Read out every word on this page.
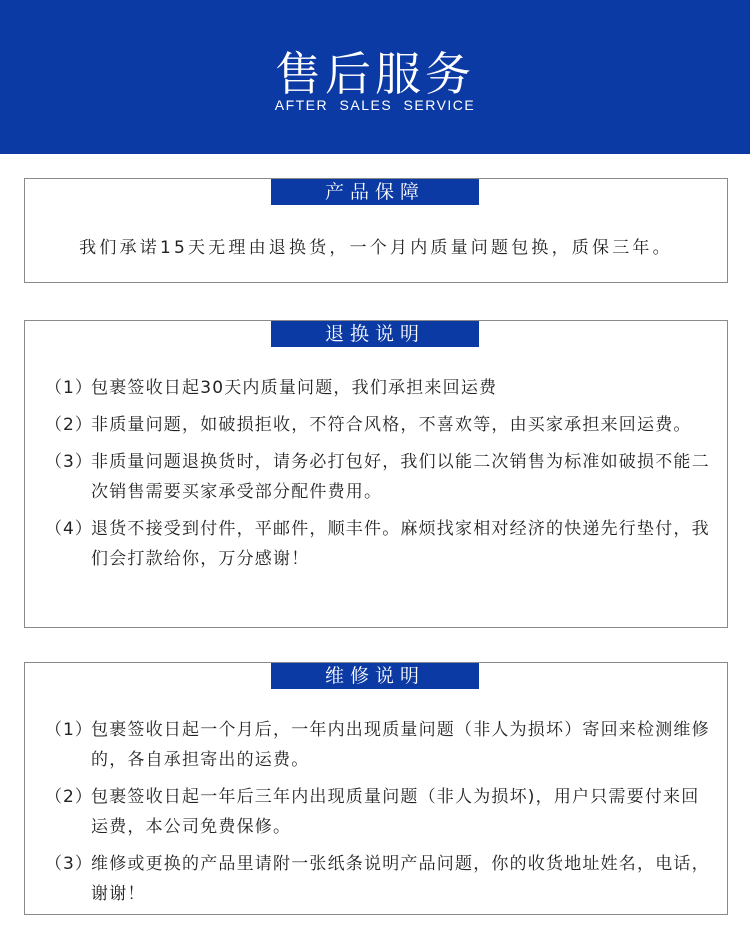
售后服务
AFTER SALES SERVICE
产品保障
我们承诺15天无理由退换货，一个月内质量问题包换，质保三年。
退换说明
（1）
包裹签收日起30天内质量问题，我们承担来回运费
（2）
非质量问题，如破损拒收，不符合风格，不喜欢等，由买家承担来回运费。
（3）
非质量问题退换货时，请务必打包好，我们以能二次销售为标准如破损不能二次销售需要买家承受部分配件费用。
（4）
退货不接受到付件，平邮件，顺丰件。麻烦找家相对经济的快递先行垫付，我们会打款给你，万分感谢！
维修说明
（1）
包裹签收日起一个月后，一年内出现质量问题（非人为损坏）寄回来检测维修的，各自承担寄出的运费。
（2）
包裹签收日起一年后三年内出现质量问题（非人为损坏)，用户只需要付来回运费，本公司免费保修。
（3）
维修或更换的产品里请附一张纸条说明产品问题，你的收货地址姓名，电话，谢谢！
